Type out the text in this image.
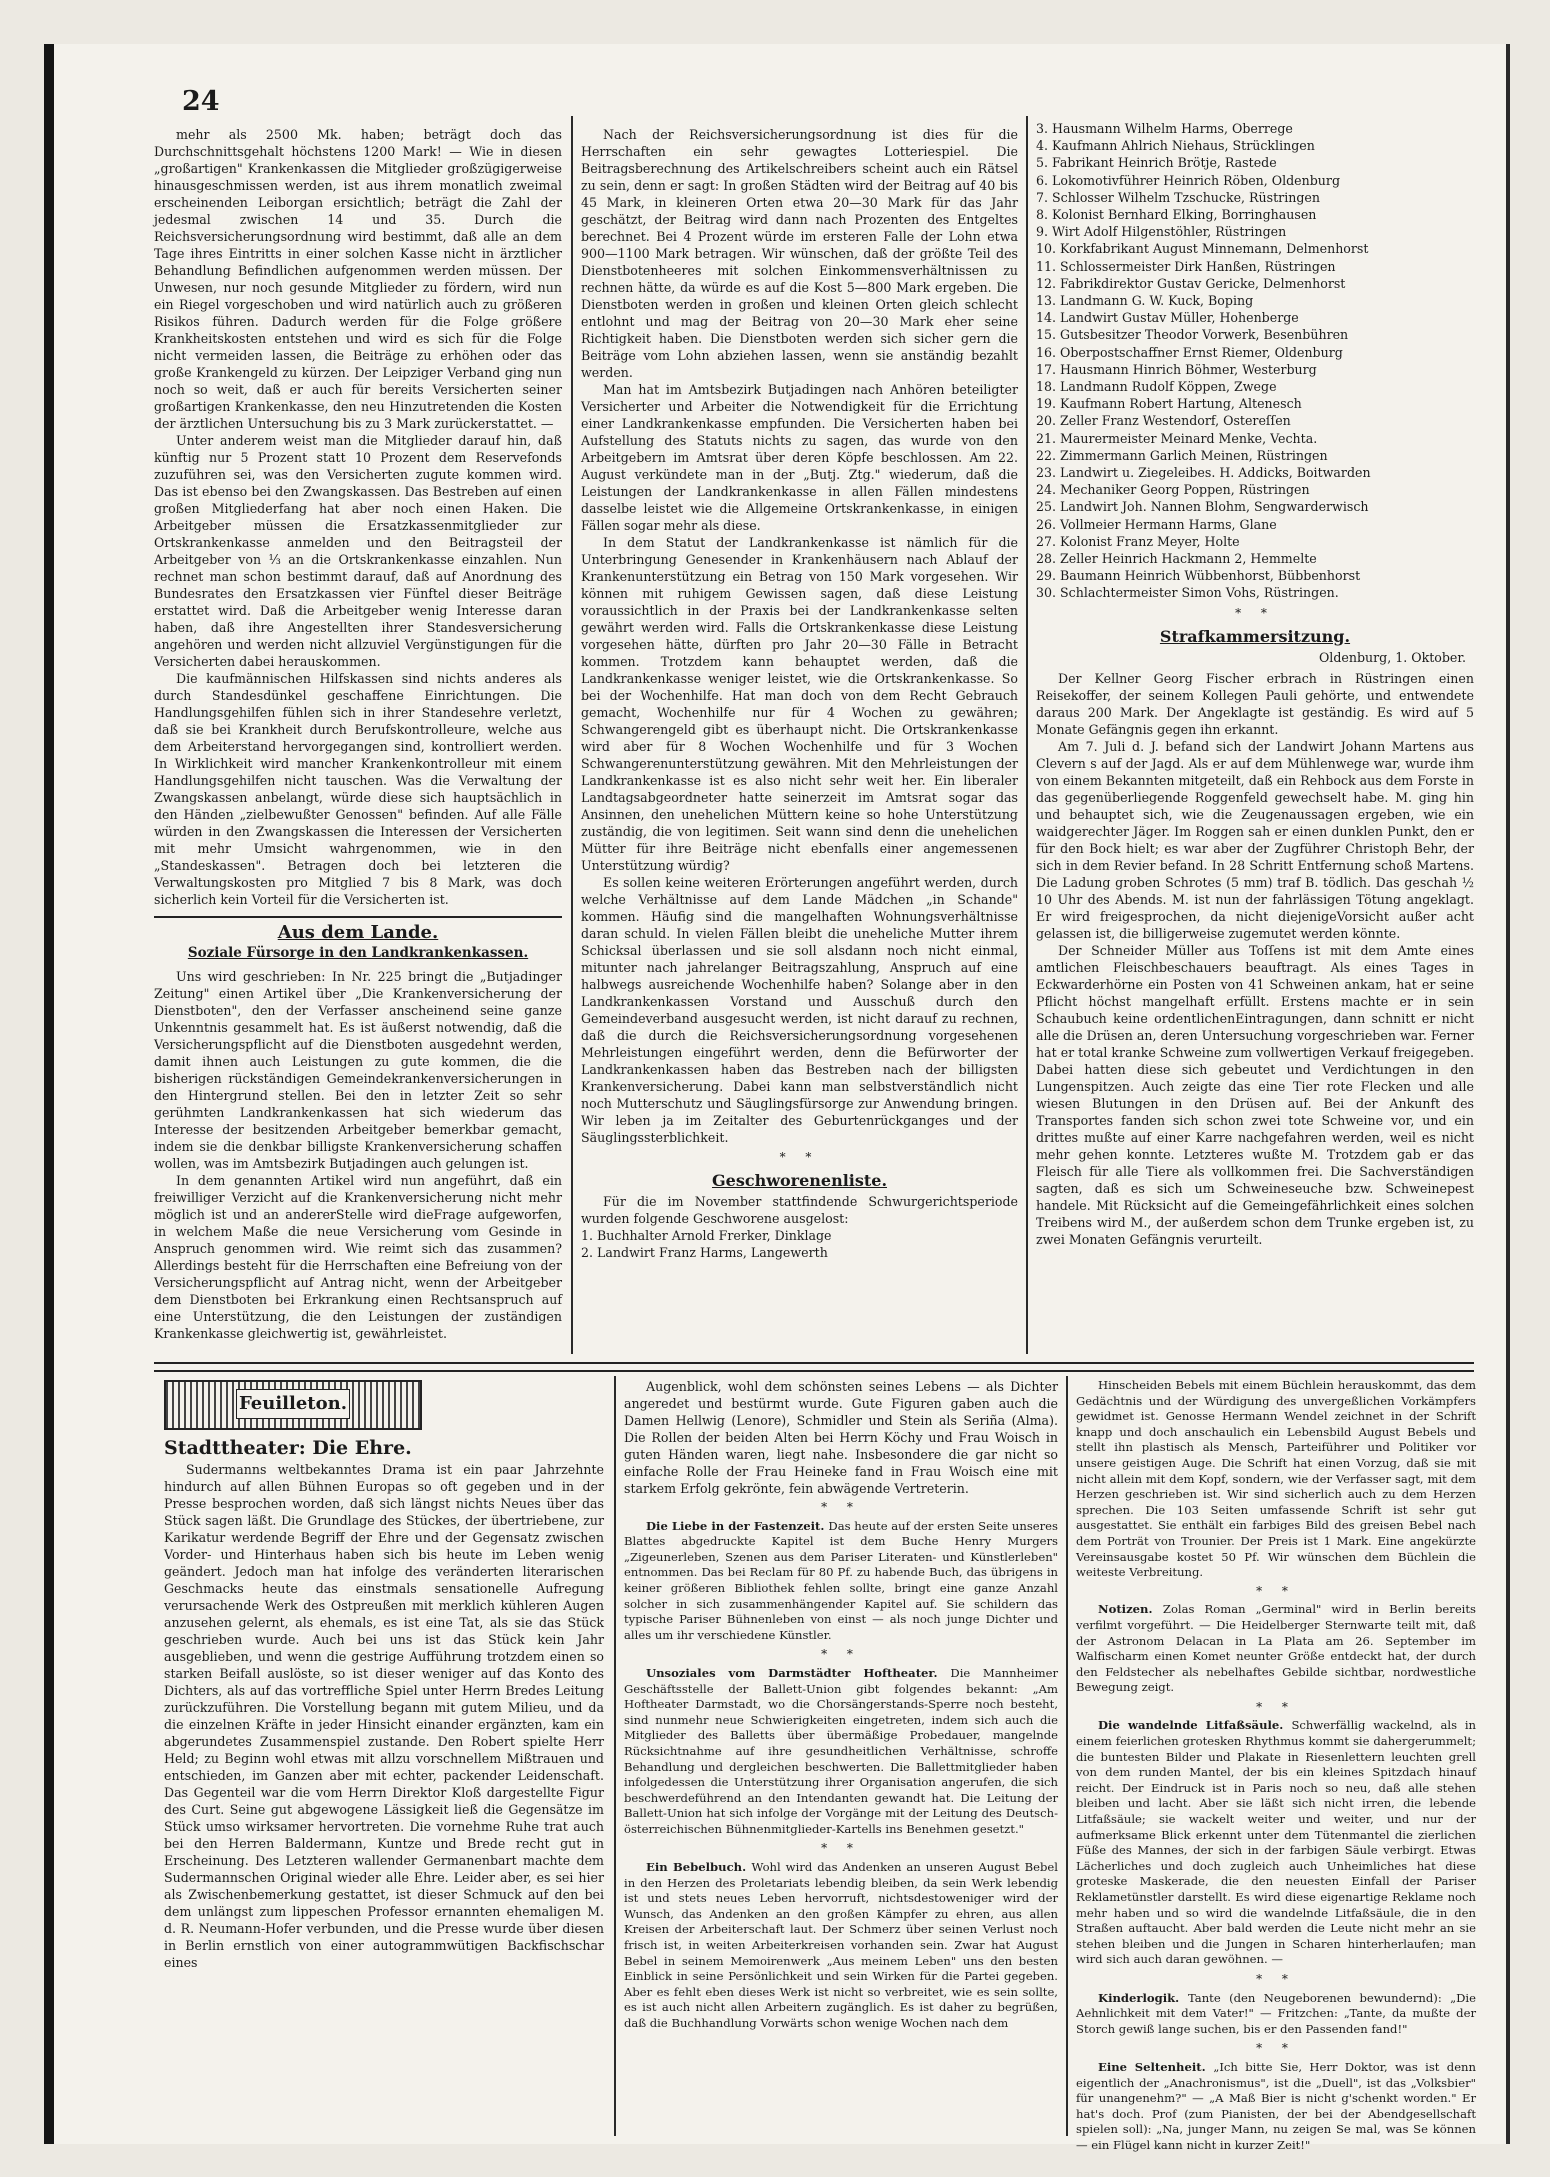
24

mehr als 2500 Mk. haben; beträgt doch das Durchschnittsgehalt höchstens 1200 Mark! — Wie in diesen „großartigen" Krankenkassen die Mitglieder großzügigerweise hinausgeschmissen werden, ist aus ihrem monatlich zweimal erscheinenden Leiborgan ersichtlich; beträgt die Zahl der jedesmal zwischen 14 und 35. Durch die Reichsversicherungsordnung wird bestimmt, daß alle an dem Tage ihres Eintritts in einer solchen Kasse nicht in ärztlicher Behandlung Befindlichen aufgenommen werden müssen. Der Unwesen, nur noch gesunde Mitglieder zu fördern, wird nun ein Riegel vorgeschoben und wird natürlich auch zu größeren Risikos führen. Dadurch werden für die Folge größere Krankheitskosten entstehen und wird es sich für die Folge nicht vermeiden lassen, die Beiträge zu erhöhen oder das große Krankengeld zu kürzen. Der Leipziger Verband ging nun noch so weit, daß er auch für bereits Versicherten seiner großartigen Krankenkasse, den neu Hinzutretenden die Kosten der ärztlichen Untersuchung bis zu 3 Mark zurückerstattet. —

Unter anderem weist man die Mitglieder darauf hin, daß künftig nur 5 Prozent statt 10 Prozent dem Reservefonds zuzuführen sei, was den Versicherten zugute kommen wird. Das ist ebenso bei den Zwangskassen. Das Bestreben auf einen großen Mitgliederfang hat aber noch einen Haken. Die Arbeitgeber müssen die Ersatzkassenmitglieder zur Ortskrankenkasse anmelden und den Beitragsteil der Arbeitgeber von ⅓ an die Ortskrankenkasse einzahlen. Nun rechnet man schon bestimmt darauf, daß auf Anordnung des Bundesrates den Ersatzkassen vier Fünftel dieser Beiträge erstattet wird. Daß die Arbeitgeber wenig Interesse daran haben, daß ihre Angestellten ihrer Standesversicherung angehören und werden nicht allzuviel Vergünstigungen für die Versicherten dabei herauskommen.

Die kaufmännischen Hilfskassen sind nichts anderes als durch Standesdünkel geschaffene Einrichtungen. Die Handlungsgehilfen fühlen sich in ihrer Standesehre verletzt, daß sie bei Krankheit durch Berufskontrolleure, welche aus dem Arbeiterstand hervorgegangen sind, kontrolliert werden. In Wirklichkeit wird mancher Krankenkontrolleur mit einem Handlungsgehilfen nicht tauschen. Was die Verwaltung der Zwangskassen anbelangt, würde diese sich hauptsächlich in den Händen „zielbewußter Genossen" befinden. Auf alle Fälle würden in den Zwangskassen die Interessen der Versicherten mit mehr Umsicht wahrgenommen, wie in den „Standeskassen". Betragen doch bei letzteren die Verwaltungskosten pro Mitglied 7 bis 8 Mark, was doch sicherlich kein Vorteil für die Versicherten ist.

Aus dem Lande.
Soziale Fürsorge in den Landkrankenkassen.

Uns wird geschrieben: In Nr. 225 bringt die „Butjadinger Zeitung" einen Artikel über „Die Krankenversicherung der Dienstboten", den der Verfasser anscheinend seine ganze Unkenntnis gesammelt hat. Es ist äußerst notwendig, daß die Versicherungspflicht auf die Dienstboten ausgedehnt werden, damit ihnen auch Leistungen zu gute kommen, die die bisherigen rückständigen Gemeindekrankenversicherungen in den Hintergrund stellen. Bei den in letzter Zeit so sehr gerühmten Landkrankenkassen hat sich wiederum das Interesse der besitzenden Arbeitgeber bemerkbar gemacht, indem sie die denkbar billigste Krankenversicherung schaffen wollen, was im Amtsbezirk Butjadingen auch gelungen ist.

In dem genannten Artikel wird nun angeführt, daß ein freiwilliger Verzicht auf die Krankenversicherung nicht mehr möglich ist und an andererStelle wird dieFrage aufgeworfen, in welchem Maße die neue Versicherung vom Gesinde in Anspruch genommen wird. Wie reimt sich das zusammen? Allerdings besteht für die Herrschaften eine Befreiung von der Versicherungspflicht auf Antrag nicht, wenn der Arbeitgeber dem Dienstboten bei Erkrankung einen Rechtsanspruch auf eine Unterstützung, die den Leistungen der zuständigen Krankenkasse gleichwertig ist, gewährleistet.

Nach der Reichsversicherungsordnung ist dies für die Herrschaften ein sehr gewagtes Lotteriespiel. Die Beitragsberechnung des Artikelschreibers scheint auch ein Rätsel zu sein, denn er sagt: In großen Städten wird der Beitrag auf 40 bis 45 Mark, in kleineren Orten etwa 20—30 Mark für das Jahr geschätzt, der Beitrag wird dann nach Prozenten des Entgeltes berechnet. Bei 4 Prozent würde im ersteren Falle der Lohn etwa 900—1100 Mark betragen. Wir wünschen, daß der größte Teil des Dienstbotenheeres mit solchen Einkommensverhältnissen zu rechnen hätte, da würde es auf die Kost 5—800 Mark ergeben. Die Dienstboten werden in großen und kleinen Orten gleich schlecht entlohnt und mag der Beitrag von 20—30 Mark eher seine Richtigkeit haben. Die Dienstboten werden sich sicher gern die Beiträge vom Lohn abziehen lassen, wenn sie anständig bezahlt werden.

Man hat im Amtsbezirk Butjadingen nach Anhören beteiligter Versicherter und Arbeiter die Notwendigkeit für die Errichtung einer Landkrankenkasse empfunden. Die Versicherten haben bei Aufstellung des Statuts nichts zu sagen, das wurde von den Arbeitgebern im Amtsrat über deren Köpfe beschlossen. Am 22. August verkündete man in der „Butj. Ztg." wiederum, daß die Leistungen der Landkrankenkasse in allen Fällen mindestens dasselbe leistet wie die Allgemeine Ortskrankenkasse, in einigen Fällen sogar mehr als diese.

In dem Statut der Landkrankenkasse ist nämlich für die Unterbringung Genesender in Krankenhäusern nach Ablauf der Krankenunterstützung ein Betrag von 150 Mark vorgesehen. Wir können mit ruhigem Gewissen sagen, daß diese Leistung voraussichtlich in der Praxis bei der Landkrankenkasse selten gewährt werden wird. Falls die Ortskrankenkasse diese Leistung vorgesehen hätte, dürften pro Jahr 20—30 Fälle in Betracht kommen. Trotzdem kann behauptet werden, daß die Landkrankenkasse weniger leistet, wie die Ortskrankenkasse. So bei der Wochenhilfe. Hat man doch von dem Recht Gebrauch gemacht, Wochenhilfe nur für 4 Wochen zu gewähren; Schwangerengeld gibt es überhaupt nicht. Die Ortskrankenkasse wird aber für 8 Wochen Wochenhilfe und für 3 Wochen Schwangerenunterstützung gewähren. Mit den Mehrleistungen der Landkrankenkasse ist es also nicht sehr weit her. Ein liberaler Landtagsabgeordneter hatte seinerzeit im Amtsrat sogar das Ansinnen, den unehelichen Müttern keine so hohe Unterstützung zuständig, die von legitimen. Seit wann sind denn die unehelichen Mütter für ihre Beiträge nicht ebenfalls einer angemessenen Unterstützung würdig?

Es sollen keine weiteren Erörterungen angeführt werden, durch welche Verhältnisse auf dem Lande Mädchen „in Schande" kommen. Häufig sind die mangelhaften Wohnungsverhältnisse daran schuld. In vielen Fällen bleibt die uneheliche Mutter ihrem Schicksal überlassen und sie soll alsdann noch nicht einmal, mitunter nach jahrelanger Beitragszahlung, Anspruch auf eine halbwegs ausreichende Wochenhilfe haben? Solange aber in den Landkrankenkassen Vorstand und Ausschuß durch den Gemeindeverband ausgesucht werden, ist nicht darauf zu rechnen, daß die durch die Reichsversicherungsordnung vorgesehenen Mehrleistungen eingeführt werden, denn die Befürworter der Landkrankenkassen haben das Bestreben nach der billigsten Krankenversicherung. Dabei kann man selbstverständlich nicht noch Mutterschutz und Säuglingsfürsorge zur Anwendung bringen. Wir leben ja im Zeitalter des Geburtenrückganges und der Säuglingssterblichkeit.

* *
Geschworenenliste.

Für die im November stattfindende Schwurgerichtsperiode wurden folgende Geschworene ausgelost:

1. Buchhalter Arnold Frerker, Dinklage
2. Landwirt Franz Harms, Langewerth
3. Hausmann Wilhelm Harms, Oberrege
4. Kaufmann Ahlrich Niehaus, Strücklingen
5. Fabrikant Heinrich Brötje, Rastede
6. Lokomotivführer Heinrich Röben, Oldenburg
7. Schlosser Wilhelm Tzschucke, Rüstringen
8. Kolonist Bernhard Elking, Borringhausen
9. Wirt Adolf Hilgenstöhler, Rüstringen
10. Korkfabrikant August Minnemann, Delmenhorst
11. Schlossermeister Dirk Hanßen, Rüstringen
12. Fabrikdirektor Gustav Gericke, Delmenhorst
13. Landmann G. W. Kuck, Boping
14. Landwirt Gustav Müller, Hohenberge
15. Gutsbesitzer Theodor Vorwerk, Besenbühren
16. Oberpostschaffner Ernst Riemer, Oldenburg
17. Hausmann Hinrich Böhmer, Westerburg
18. Landmann Rudolf Köppen, Zwege
19. Kaufmann Robert Hartung, Altenesch
20. Zeller Franz Westendorf, Ostereſſen
21. Maurermeister Meinard Menke, Vechta.
22. Zimmermann Garlich Meinen, Rüstringen
23. Landwirt u. Ziegeleibes. H. Addicks, Boitwarden
24. Mechaniker Georg Poppen, Rüstringen
25. Landwirt Joh. Nannen Blohm, Sengwarderwisch
26. Vollmeier Hermann Harms, Glane
27. Kolonist Franz Meyer, Holte
28. Zeller Heinrich Hackmann 2, Hemmelte
29. Baumann Heinrich Wübbenhorst, Bübbenhorst
30. Schlachtermeister Simon Vohs, Rüstringen.
* *
Strafkammersitzung.
Oldenburg, 1. Oktober.

Der Kellner Georg Fischer erbrach in Rüstringen einen Reisekoffer, der seinem Kollegen Pauli gehörte, und entwendete daraus 200 Mark. Der Angeklagte ist geständig. Es wird auf 5 Monate Gefängnis gegen ihn erkannt.

Am 7. Juli d. J. befand sich der Landwirt Johann Martens aus Clevern s auf der Jagd. Als er auf dem Mühlenwege war, wurde ihm von einem Bekannten mitgeteilt, daß ein Rehbock aus dem Forste in das gegenüberliegende Roggenfeld gewechselt habe. M. ging hin und behauptet sich, wie die Zeugenaussagen ergeben, wie ein waidgerechter Jäger. Im Roggen sah er einen dunklen Punkt, den er für den Bock hielt; es war aber der Zugführer Christoph Behr, der sich in dem Revier befand. In 28 Schritt Entfernung schoß Martens. Die Ladung groben Schrotes (5 mm) traf B. tödlich. Das geschah ½ 10 Uhr des Abends. M. ist nun der fahrlässigen Tötung angeklagt. Er wird freigesprochen, da nicht diejenigeVorsicht außer acht gelassen ist, die billigerweise zugemutet werden könnte.

Der Schneider Müller aus Toſſens ist mit dem Amte eines amtlichen Fleischbeschauers beauftragt. Als eines Tages in Eckwarderhörne ein Posten von 41 Schweinen ankam, hat er seine Pflicht höchst mangelhaft erfüllt. Erstens machte er in sein Schaubuch keine ordentlichenEintragungen, dann schnitt er nicht alle die Drüsen an, deren Untersuchung vorgeschrieben war. Ferner hat er total kranke Schweine zum vollwertigen Verkauf freigegeben. Dabei hatten diese sich gebeutet und Verdichtungen in den Lungenspitzen. Auch zeigte das eine Tier rote Flecken und alle wiesen Blutungen in den Drüsen auf. Bei der Ankunft des Transportes fanden sich schon zwei tote Schweine vor, und ein drittes mußte auf einer Karre nachgefahren werden, weil es nicht mehr gehen konnte. Letzteres wußte M. Trotzdem gab er das Fleisch für alle Tiere als vollkommen frei. Die Sachverständigen sagten, daß es sich um Schweineseuche bzw. Schweinepest handele. Mit Rücksicht auf die Gemeingefährlichkeit eines solchen Treibens wird M., der außerdem schon dem Trunke ergeben ist, zu zwei Monaten Gefängnis verurteilt.

Feuilleton.
Stadttheater: Die Ehre.

Sudermanns weltbekanntes Drama ist ein paar Jahrzehnte hindurch auf allen Bühnen Europas so oft gegeben und in der Presse besprochen worden, daß sich längst nichts Neues über das Stück sagen läßt. Die Grundlage des Stückes, der übertriebene, zur Karikatur werdende Begriff der Ehre und der Gegensatz zwischen Vorder- und Hinterhaus haben sich bis heute im Leben wenig geändert. Jedoch man hat infolge des veränderten literarischen Geschmacks heute das einstmals sensationelle Aufregung verursachende Werk des Ostpreußen mit merklich kühleren Augen anzusehen gelernt, als ehemals, es ist eine Tat, als sie das Stück geschrieben wurde. Auch bei uns ist das Stück kein Jahr ausgeblieben, und wenn die gestrige Aufführung trotzdem einen so starken Beifall auslöste, so ist dieser weniger auf das Konto des Dichters, als auf das vortreffliche Spiel unter Herrn Bredes Leitung zurückzuführen. Die Vorstellung begann mit gutem Milieu, und da die einzelnen Kräfte in jeder Hinsicht einander ergänzten, kam ein abgerundetes Zusammenspiel zustande. Den Robert spielte Herr Held; zu Beginn wohl etwas mit allzu vorschnellem Mißtrauen und entschieden, im Ganzen aber mit echter, packender Leidenschaft. Das Gegenteil war die vom Herrn Direktor Kloß dargestellte Figur des Curt. Seine gut abgewogene Lässigkeit ließ die Gegensätze im Stück umso wirksamer hervortreten. Die vornehme Ruhe trat auch bei den Herren Baldermann, Kuntze und Brede recht gut in Erscheinung. Des Letzteren wallender Germanenbart machte dem Sudermannschen Original wieder alle Ehre. Leider aber, es sei hier als Zwischenbemerkung gestattet, ist dieser Schmuck auf den bei dem unlängst zum lippeschen Professor ernannten ehemaligen M. d. R. Neumann-Hofer verbunden, und die Presse wurde über diesen in Berlin ernstlich von einer autogrammwütigen Backfischschar eines

Augenblick, wohl dem schönsten seines Lebens — als Dichter angeredet und bestürmt wurde. Gute Figuren gaben auch die Damen Hellwig (Lenore), Schmidler und Stein als Seriña (Alma). Die Rollen der beiden Alten bei Herrn Köchy und Frau Woisch in guten Händen waren, liegt nahe. Insbesondere die gar nicht so einfache Rolle der Frau Heineke fand in Frau Woisch eine mit starkem Erfolg gekrönte, fein abwägende Vertreterin.

* *

Die Liebe in der Fastenzeit. Das heute auf der ersten Seite unseres Blattes abgedruckte Kapitel ist dem Buche Henry Murgers „Zigeunerleben, Szenen aus dem Pariser Literaten- und Künstlerleben" entnommen. Das bei Reclam für 80 Pf. zu habende Buch, das übrigens in keiner größeren Bibliothek fehlen sollte, bringt eine ganze Anzahl solcher in sich zusammenhängender Kapitel auf. Sie schildern das typische Pariser Bühnenleben von einst — als noch junge Dichter und alles um ihr verschiedene Künstler.

* *

Unsoziales vom Darmstädter Hoftheater. Die Mannheimer Geschäftsstelle der Ballett-Union gibt folgendes bekannt: „Am Hoftheater Darmstadt, wo die Chorsängerstands-Sperre noch besteht, sind nunmehr neue Schwierigkeiten eingetreten, indem sich auch die Mitglieder des Balletts über übermäßige Probedauer, mangelnde Rücksichtnahme auf ihre gesundheitlichen Verhältnisse, schroffe Behandlung und dergleichen beschwerten. Die Ballettmitglieder haben infolgedessen die Unterstützung ihrer Organisation angerufen, die sich beschwerdeführend an den Intendanten gewandt hat. Die Leitung der Ballett-Union hat sich infolge der Vorgänge mit der Leitung des Deutsch-österreichischen Bühnenmitglieder-Kartells ins Benehmen gesetzt."

* *

Ein Bebelbuch. Wohl wird das Andenken an unseren August Bebel in den Herzen des Proletariats lebendig bleiben, da sein Werk lebendig ist und stets neues Leben hervorruft, nichtsdestoweniger wird der Wunsch, das Andenken an den großen Kämpfer zu ehren, aus allen Kreisen der Arbeiterschaft laut. Der Schmerz über seinen Verlust noch frisch ist, in weiten Arbeiterkreisen vorhanden sein. Zwar hat August Bebel in seinem Memoirenwerk „Aus meinem Leben" uns den besten Einblick in seine Persönlichkeit und sein Wirken für die Partei gegeben. Aber es fehlt eben dieses Werk ist nicht so verbreitet, wie es sein sollte, es ist auch nicht allen Arbeitern zugänglich. Es ist daher zu begrüßen, daß die Buchhandlung Vorwärts schon wenige Wochen nach dem

Hinscheiden Bebels mit einem Büchlein herauskommt, das dem Gedächtnis und der Würdigung des unvergeßlichen Vorkämpfers gewidmet ist. Genosse Hermann Wendel zeichnet in der Schrift knapp und doch anschaulich ein Lebensbild August Bebels und stellt ihn plastisch als Mensch, Parteiführer und Politiker vor unsere geistigen Auge. Die Schrift hat einen Vorzug, daß sie mit nicht allein mit dem Kopf, sondern, wie der Verfasser sagt, mit dem Herzen geschrieben ist. Wir sind sicherlich auch zu dem Herzen sprechen. Die 103 Seiten umfassende Schrift ist sehr gut ausgestattet. Sie enthält ein farbiges Bild des greisen Bebel nach dem Porträt von Trounier. Der Preis ist 1 Mark. Eine angekürzte Vereinsausgabe kostet 50 Pf. Wir wünschen dem Büchlein die weiteste Verbreitung.

* *

Notizen. Zolas Roman „Germinal" wird in Berlin bereits verfilmt vorgeführt. — Die Heidelberger Sternwarte teilt mit, daß der Astronom Delacan in La Plata am 26. September im Walfischarm einen Komet neunter Größe entdeckt hat, der durch den Feldstecher als nebelhaftes Gebilde sichtbar, nordwestliche Bewegung zeigt.

* *

Die wandelnde Litfaßsäule. Schwerfällig wackelnd, als in einem feierlichen grotesken Rhythmus kommt sie dahergerummelt; die buntesten Bilder und Plakate in Riesenlettern leuchten grell von dem runden Mantel, der bis ein kleines Spitzdach hinauf reicht. Der Eindruck ist in Paris noch so neu, daß alle stehen bleiben und lacht. Aber sie läßt sich nicht irren, die lebende Litfaßsäule; sie wackelt weiter und weiter, und nur der aufmerksame Blick erkennt unter dem Tütenmantel die zierlichen Füße des Mannes, der sich in der farbigen Säule verbirgt. Etwas Lächerliches und doch zugleich auch Unheimliches hat diese groteske Maskerade, die den neuesten Einfall der Pariser Reklametünstler darstellt. Es wird diese eigenartige Reklame noch mehr haben und so wird die wandelnde Litfaßsäule, die in den Straßen auftaucht. Aber bald werden die Leute nicht mehr an sie stehen bleiben und die Jungen in Scharen hinterherlaufen; man wird sich auch daran gewöhnen. —

* *

Kinderlogik. Tante (den Neugeborenen bewundernd): „Die Aehnlichkeit mit dem Vater!" — Fritzchen: „Tante, da mußte der Storch gewiß lange suchen, bis er den Passenden fand!"

* *

Eine Seltenheit. „Ich bitte Sie, Herr Doktor, was ist denn eigentlich der „Anachronismus", ist die „Duell", ist das „Volksbier" für unangenehm?" — „A Maß Bier is nicht g'schenkt worden." Er hat's doch. Prof (zum Pianisten, der bei der Abendgesellschaft spielen soll): „Na, junger Mann, nu zeigen Se mal, was Se können — ein Flügel kann nicht in kurzer Zeit!"
